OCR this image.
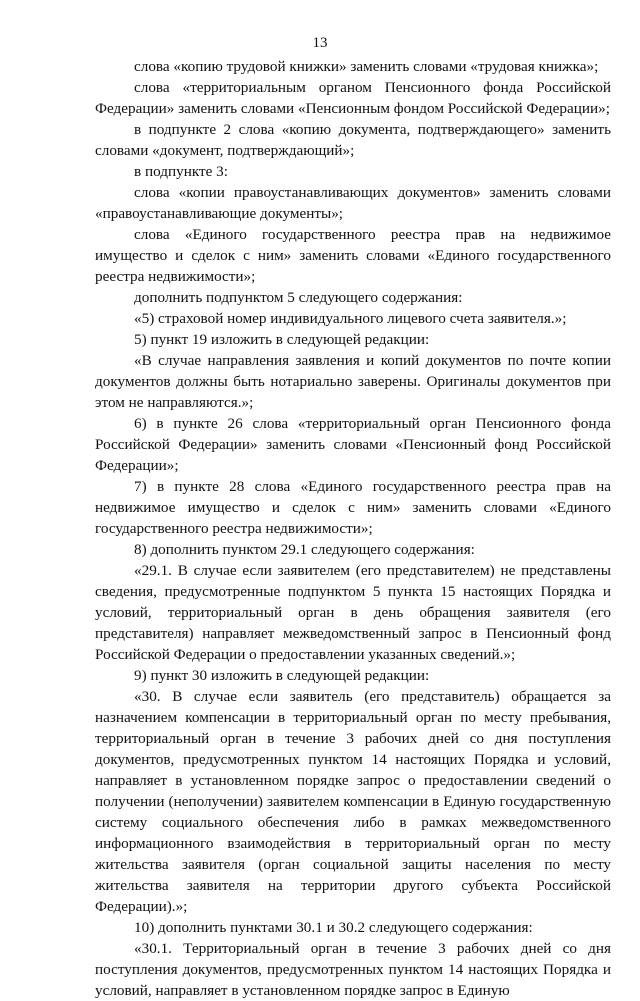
13

слова «копию трудовой книжки» заменить словами «трудовая книжка»;

слова «территориальным органом Пенсионного фонда Российской Федерации» заменить словами «Пенсионным фондом Российской Федерации»;

в подпункте 2 слова «копию документа, подтверждающего» заменить словами «документ, подтверждающий»;

в подпункте 3:

слова «копии правоустанавливающих документов» заменить словами «правоустанавливающие документы»;

слова «Единого государственного реестра прав на недвижимое имущество и сделок с ним» заменить словами «Единого государственного реестра недвижимости»;

дополнить подпунктом 5 следующего содержания:

«5) страховой номер индивидуального лицевого счета заявителя.»;

5) пункт 19 изложить в следующей редакции:

«В случае направления заявления и копий документов по почте копии документов должны быть нотариально заверены. Оригиналы документов при этом не направляются.»;

6) в пункте 26 слова «территориальный орган Пенсионного фонда Российской Федерации» заменить словами «Пенсионный фонд Российской Федерации»;

7) в пункте 28 слова «Единого государственного реестра прав на недвижимое имущество и сделок с ним» заменить словами «Единого государственного реестра недвижимости»;

8) дополнить пунктом 29.1 следующего содержания:

«29.1. В случае если заявителем (его представителем) не представлены сведения, предусмотренные подпунктом 5 пункта 15 настоящих Порядка и условий, территориальный орган в день обращения заявителя (его представителя) направляет межведомственный запрос в Пенсионный фонд Российской Федерации о предоставлении указанных сведений.»;

9) пункт 30 изложить в следующей редакции:

«30. В случае если заявитель (его представитель) обращается за назначением компенсации в территориальный орган по месту пребывания, территориальный орган в течение 3 рабочих дней со дня поступления документов, предусмотренных пунктом 14 настоящих Порядка и условий, направляет в установленном порядке запрос о предоставлении сведений о получении (неполучении) заявителем компенсации в Единую государственную систему социального обеспечения либо в рамках межведомственного информационного взаимодействия в территориальный орган по месту жительства заявителя (орган социальной защиты населения по месту жительства заявителя на территории другого субъекта Российской Федерации).»;

10) дополнить пунктами 30.1 и 30.2 следующего содержания:

«30.1. Территориальный орган в течение 3 рабочих дней со дня поступления документов, предусмотренных пунктом 14 настоящих Порядка и условий, направляет в установленном порядке запрос в Единую
